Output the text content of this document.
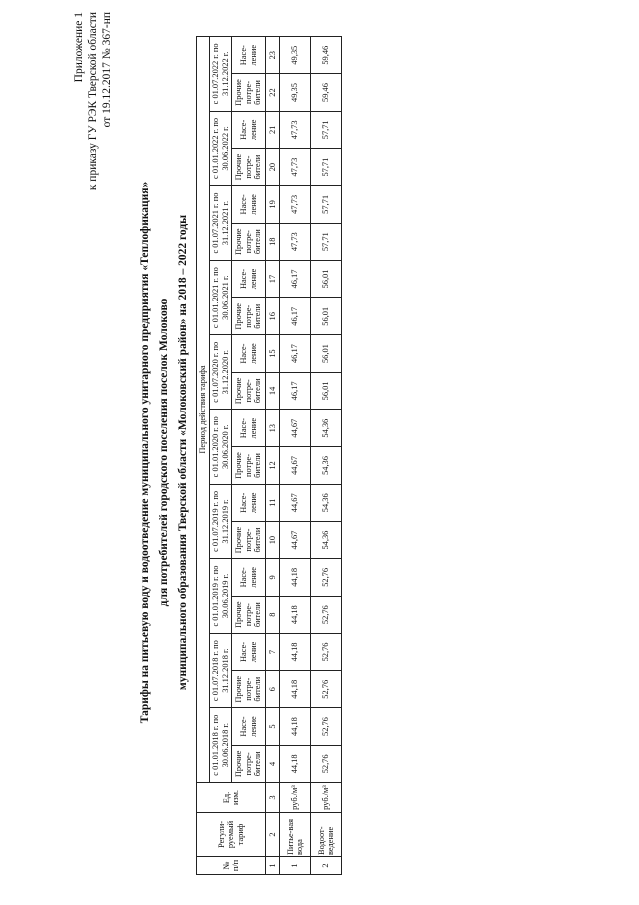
Приложение 1 к приказу ГУ РЭК Тверской области от 19.12.2017 № 367-нп
Тарифы на питьевую воду и водоотведение муниципального унитарного предприятия «Теплофикация» для потребителей городского поселения поселок Молоково муниципального образования Тверской области «Молоковский район» на 2018 – 2022 годы
№ п/п	Регули-руемый тариф	Ед. изм.	Период действия тарифа																			
			с 01.01.2018 г. по 30.06.2018 г.		с 01.07.2018 г. по 31.12.2018 г.		с 01.01.2019 г. по 30.06.2019 г.		с 01.07.2019 г. по 31.12.2019 г.		с 01.01.2020 г. по 30.06.2020 г.		с 01.07.2020 г. по 31.12.2020 г.		с 01.01.2021 г. по 30.06.2021 г.		с 01.07.2021 г. по 31.12.2021 г.		с 01.01.2022 г. по 30.06.2022 г.		с 01.07.2022 г. по 31.12.2022 г.	
			Прочие потре-бители	Насе-ление	Прочие потре-бители	Насе-ление	Прочие потре-бители	Насе-ление	Прочие потре-бители	Насе-ление	Прочие потре-бители	Насе-ление	Прочие потре-бители	Насе-ление	Прочие потре-бители	Насе-ление	Прочие потре-бители	Насе-ление	Прочие потре-бители	Насе-ление	Прочие потре-бители	Насе-ление
1	2	3	4	5	6	7	8	9	10	11	12	13	14	15	16	17	18	19	20	21	22	23
1	Питье-вая вода	руб./м³	44,18	44,18	44,18	44,18	44,18	44,18	44,67	44,67	44,67	44,67	46,17	46,17	46,17	46,17	47,73	47,73	47,73	47,73	49,35	49,35
2	Водоот-ведение	руб./м³	52,76	52,76	52,76	52,76	52,76	52,76	54,36	54,36	54,36	54,36	56,01	56,01	56,01	56,01	57,71	57,71	57,71	57,71	59,46	59,46
